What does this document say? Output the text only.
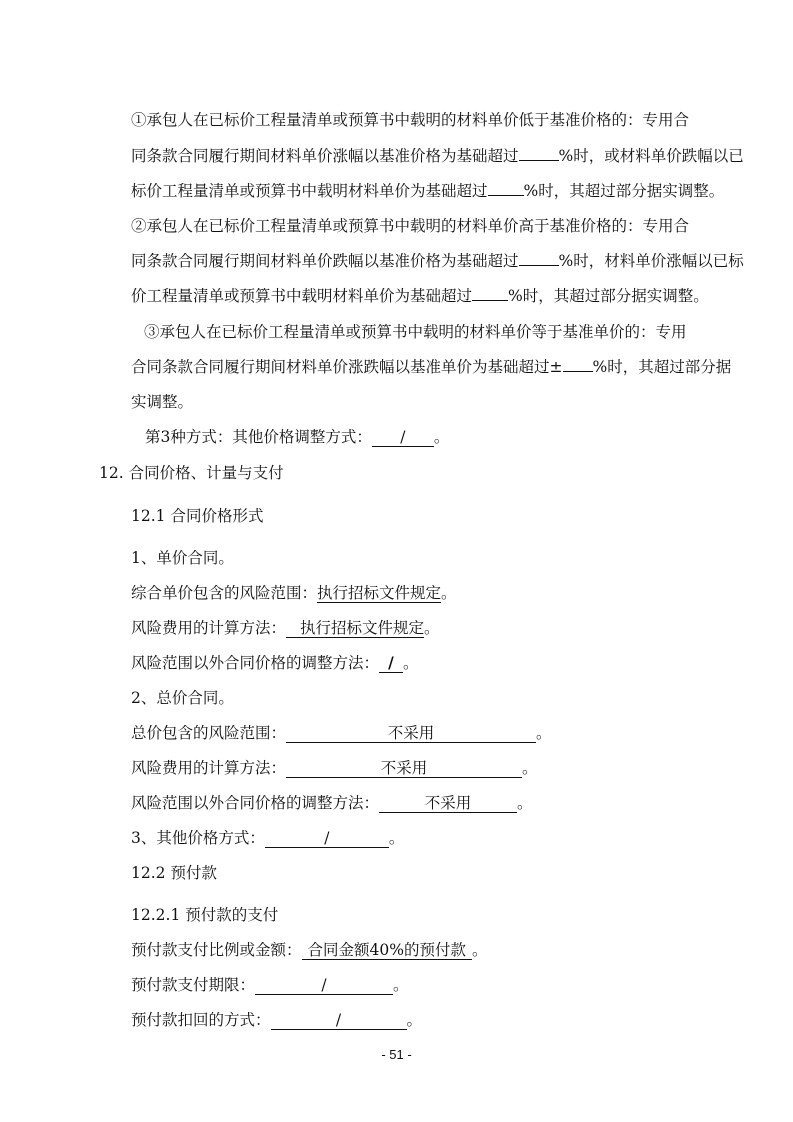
①承包人在已标价工程量清单或预算书中载明的材料单价低于基准价格的：专用合
同条款合同履行期间材料单价涨幅以基准价格为基础超过	%时，或材料单价跌幅以已
标价工程量清单或预算书中载明材料单价为基础超过 %时，其超过部分据实调整。
②承包人在已标价工程量清单或预算书中载明的材料单价高于基准价格的：专用合
同条款合同履行期间材料单价跌幅以基准价格为基础超过	%时，材料单价涨幅以已标
价工程量清单或预算书中载明材料单价为基础超过 %时，其超过部分据实调整。
③承包人在已标价工程量清单或预算书中载明的材料单价等于基准单价的：专用
合同条款合同履行期间材料单价涨跌幅以基准单价为基础超过± %时，其超过部分据
实调整。
第3种方式：其他价格调整方式： / 。
12. 合同价格、计量与支付
12.1 合同价格形式
1、单价合同。
综合单价包含的风险范围：执行招标文件规定。
风险费用的计算方法： 执行招标文件规定。
风险范围以外合同价格的调整方法： / 。
2、总价合同。
总价包含的风险范围：	不采用	。
风险费用的计算方法：	不采用	。
风险范围以外合同价格的调整方法：	不采用	。
3、其他价格方式：	/	。
12.2 预付款
12.2.1 预付款的支付
预付款支付比例或金额： 合同金额40%的预付款 。
预付款支付期限：	/	。
预付款扣回的方式：	/	。
- 51 -
